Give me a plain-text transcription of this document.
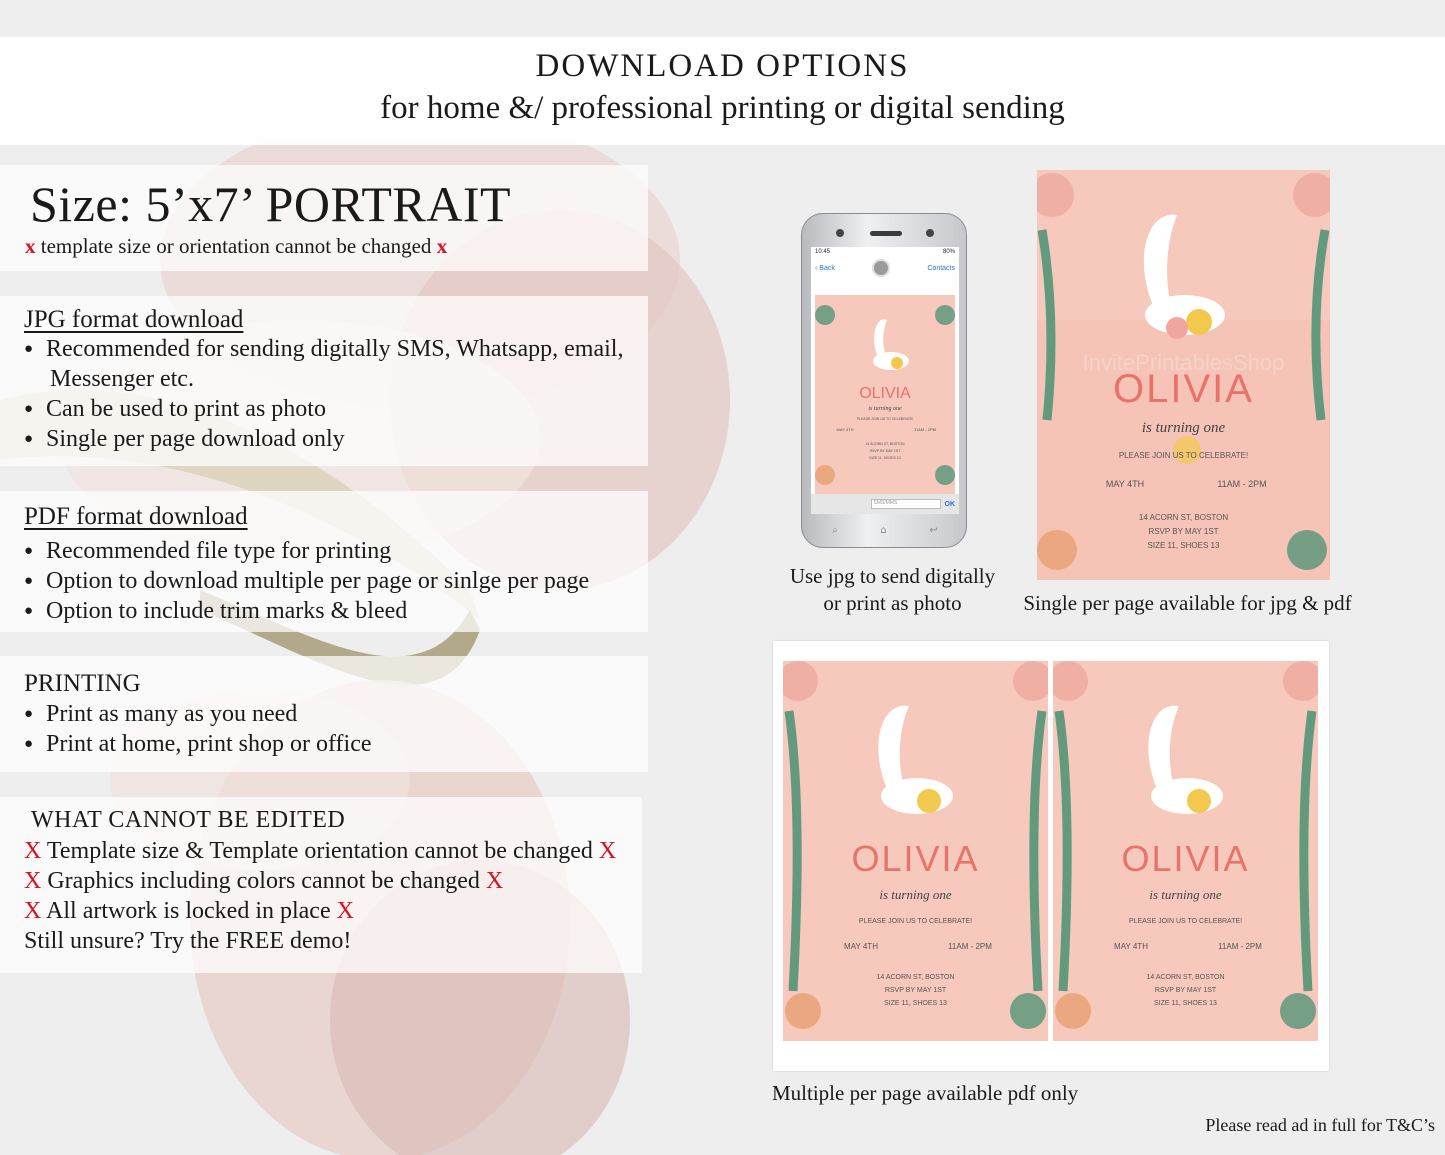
DOWNLOAD OPTIONS
for home &/ professional printing or digital sending
Size: 5’x7’ PORTRAIT
x template size or orientation cannot be changed x
JPG format download
● Recommended for sending digitally SMS, Whatsapp, email,
Messenger etc.
● Can be used to print as photo
● Single per page download only
PDF format download
● Recommended file type for printing
● Option to download multiple per page or sinlge per page
● Option to include trim marks & bleed
PRINTING
● Print as many as you need
● Print at home, print shop or office
WHAT CANNOT BE EDITED
X Template size & Template orientation cannot be changed X
X Graphics including colors cannot be changed X
X All artwork is locked in place X
Still unsure? Try the FREE demo!
10:45	80%
‹ Back	Contacts
OLIVIA
is turning one
PLEASE JOIN US TO CELEBRATE!
MAY 4TH	11AM - 2PM
14 ACORN ST, BOSTON
RSVP BY MAY 1ST
SIZE 11, SHOES 13
SMS/MMS	OK
⌕	⌂	↩
Use jpg to send digitally or print as photo
OLIVIA
is turning one
PLEASE JOIN US TO CELEBRATE!
MAY 4TH	11AM - 2PM
14 ACORN ST, BOSTON
RSVP BY MAY 1ST
SIZE 11, SHOES 13
InvitePrintablesShop
Single per page available for jpg & pdf
OLIVIA
is turning one
PLEASE JOIN US TO CELEBRATE!
MAY 4TH	11AM - 2PM
14 ACORN ST, BOSTON
RSVP BY MAY 1ST
SIZE 11, SHOES 13
OLIVIA
is turning one
PLEASE JOIN US TO CELEBRATE!
MAY 4TH	11AM - 2PM
14 ACORN ST, BOSTON
RSVP BY MAY 1ST
SIZE 11, SHOES 13
Multiple per page available pdf only
Please read ad in full for T&C’s
